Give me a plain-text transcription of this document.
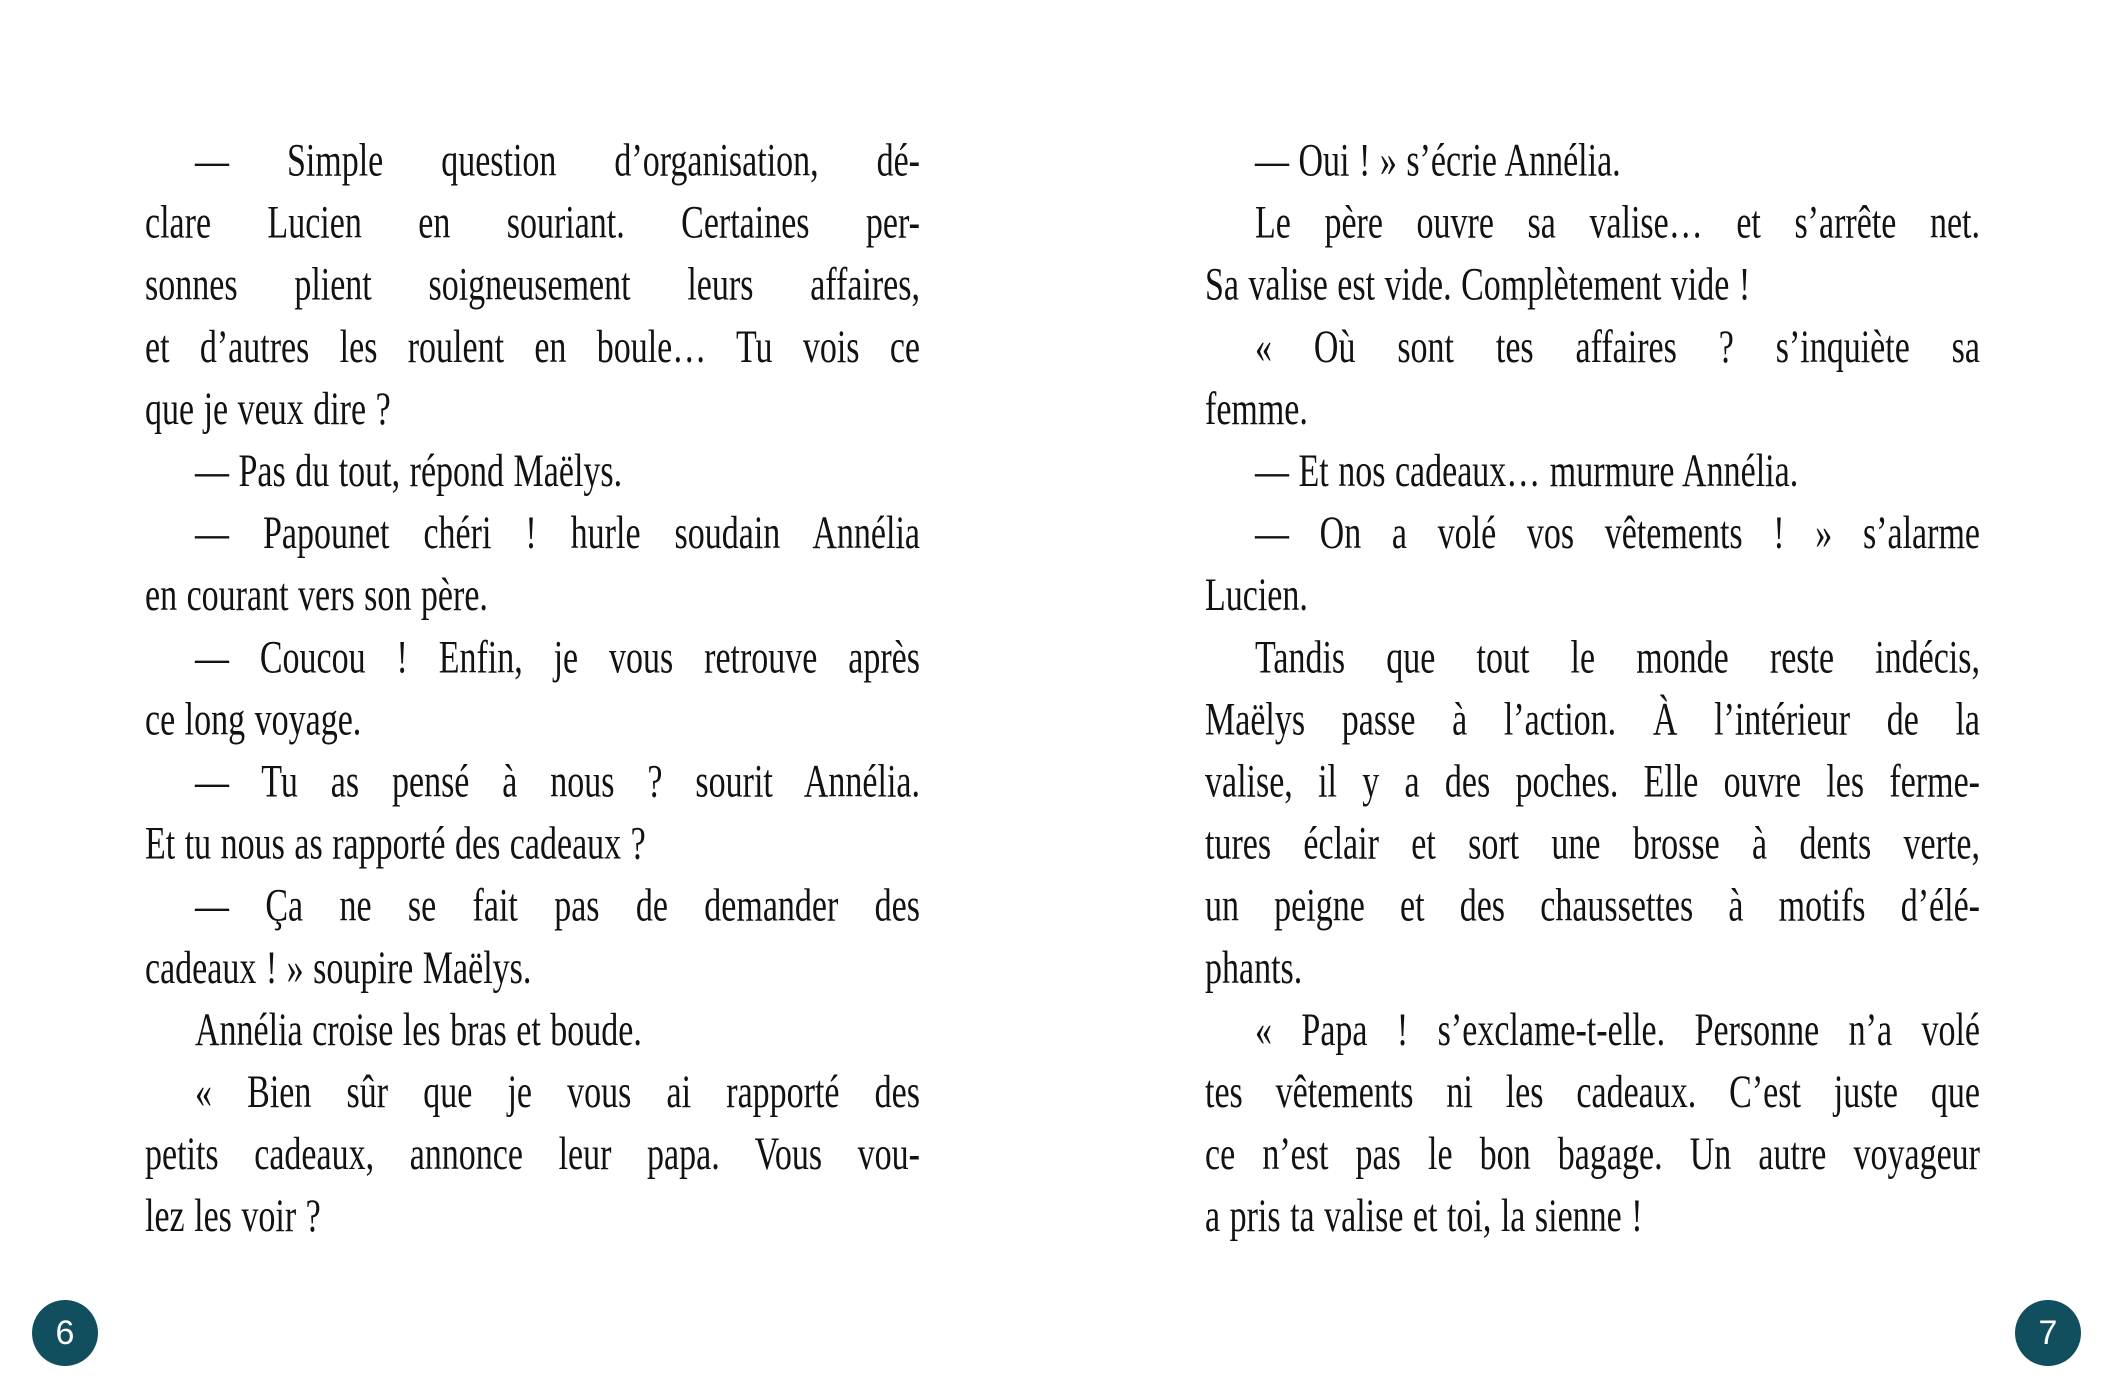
— Simple question d’organisation, dé-
clare Lucien en souriant. Certaines per-
sonnes plient soigneusement leurs affaires,
et d’autres les roulent en boule… Tu vois ce
que je veux dire ?
— Pas du tout, répond Maëlys.
— Papounet chéri ! hurle soudain Annélia
en courant vers son père.
— Coucou ! Enfin, je vous retrouve après
ce long voyage.
— Tu as pensé à nous ? sourit Annélia.
Et tu nous as rapporté des cadeaux ?
— Ça ne se fait pas de demander des
cadeaux ! » soupire Maëlys.
Annélia croise les bras et boude.
« Bien sûr que je vous ai rapporté des
petits cadeaux, annonce leur papa. Vous vou-
lez les voir ?
6
— Oui ! » s’écrie Annélia.
Le père ouvre sa valise… et s’arrête net.
Sa valise est vide. Complètement vide !
« Où sont tes affaires ? s’inquiète sa
femme.
— Et nos cadeaux… murmure Annélia.
— On a volé vos vêtements ! » s’alarme
Lucien.
Tandis que tout le monde reste indécis,
Maëlys passe à l’action. À l’intérieur de la
valise, il y a des poches. Elle ouvre les ferme-
tures éclair et sort une brosse à dents verte,
un peigne et des chaussettes à motifs d’élé-
phants.
« Papa ! s’exclame-t-elle. Personne n’a volé
tes vêtements ni les cadeaux. C’est juste que
ce n’est pas le bon bagage. Un autre voyageur
a pris ta valise et toi, la sienne !
7
